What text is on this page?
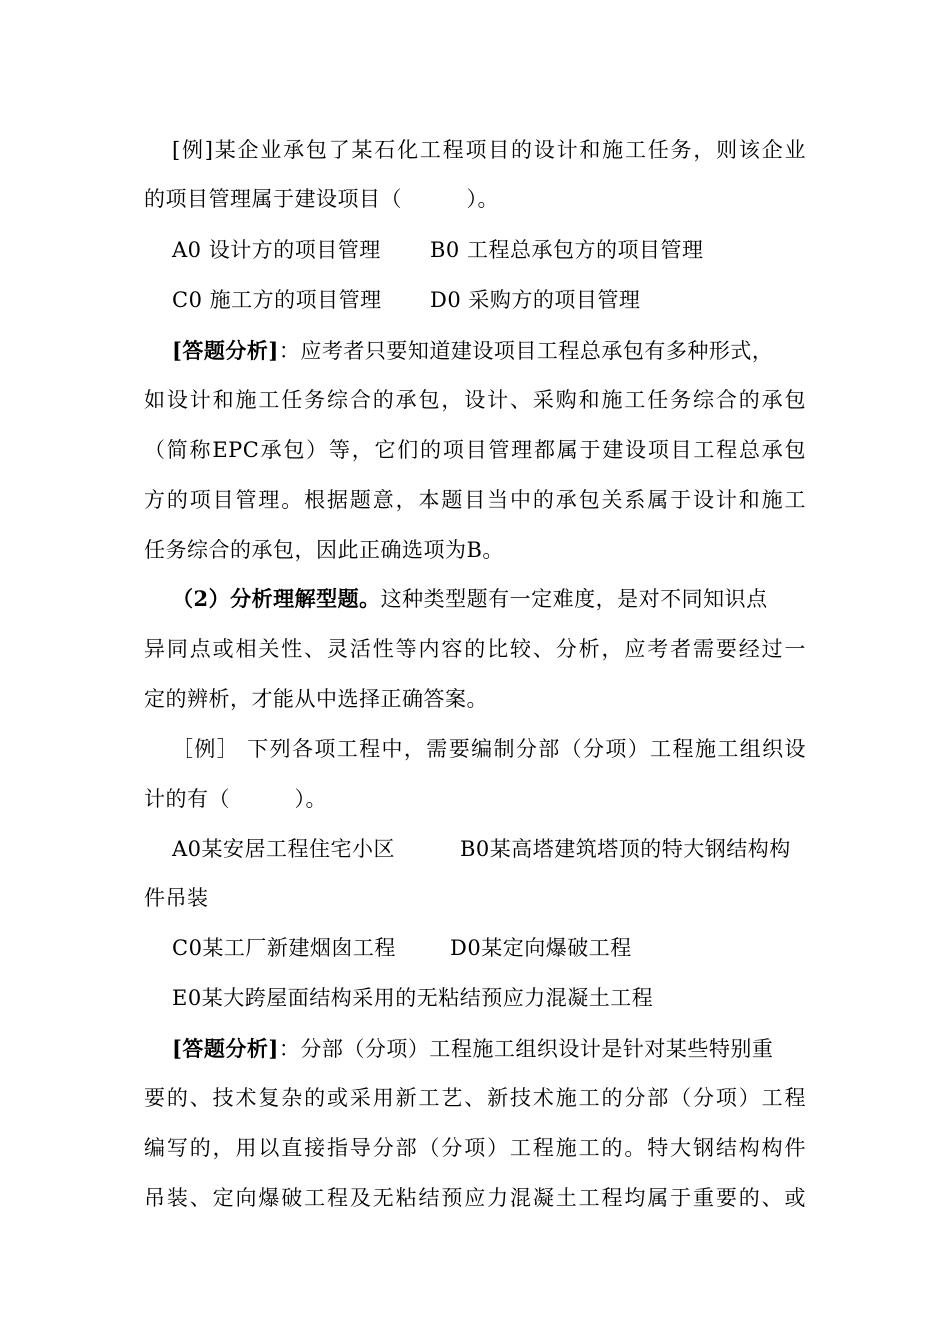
[例]某企业承包了某石化工程项目的设计和施工任务，则该企业
的项目管理属于建设项目（　　　）。
A0 设计方的项目管理 B0 工程总承包方的项目管理
C0 施工方的项目管理 D0 采购方的项目管理
[答题分析]：应考者只要知道建设项目工程总承包有多种形式，
如设计和施工任务综合的承包，设计、采购和施工任务综合的承包
（简称EPC承包）等，它们的项目管理都属于建设项目工程总承包
方的项目管理。根据题意，本题目当中的承包关系属于设计和施工
任务综合的承包，因此正确选项为B。
（2）分析理解型题。这种类型题有一定难度，是对不同知识点
异同点或相关性、灵活性等内容的比较、分析，应考者需要经过一
定的辨析，才能从中选择正确答案。
［例］ 下列各项工程中，需要编制分部（分项）工程施工组织设
计的有（　　　）。
A0某安居工程住宅小区	B0某高塔建筑塔顶的特大钢结构构
件吊装
C0某工厂新建烟囱工程	D0某定向爆破工程
E0某大跨屋面结构采用的无粘结预应力混凝土工程
[答题分析]：分部（分项）工程施工组织设计是针对某些特别重
要的、技术复杂的或采用新工艺、新技术施工的分部（分项）工程
编写的，用以直接指导分部（分项）工程施工的。特大钢结构构件
吊装、定向爆破工程及无粘结预应力混凝土工程均属于重要的、或
